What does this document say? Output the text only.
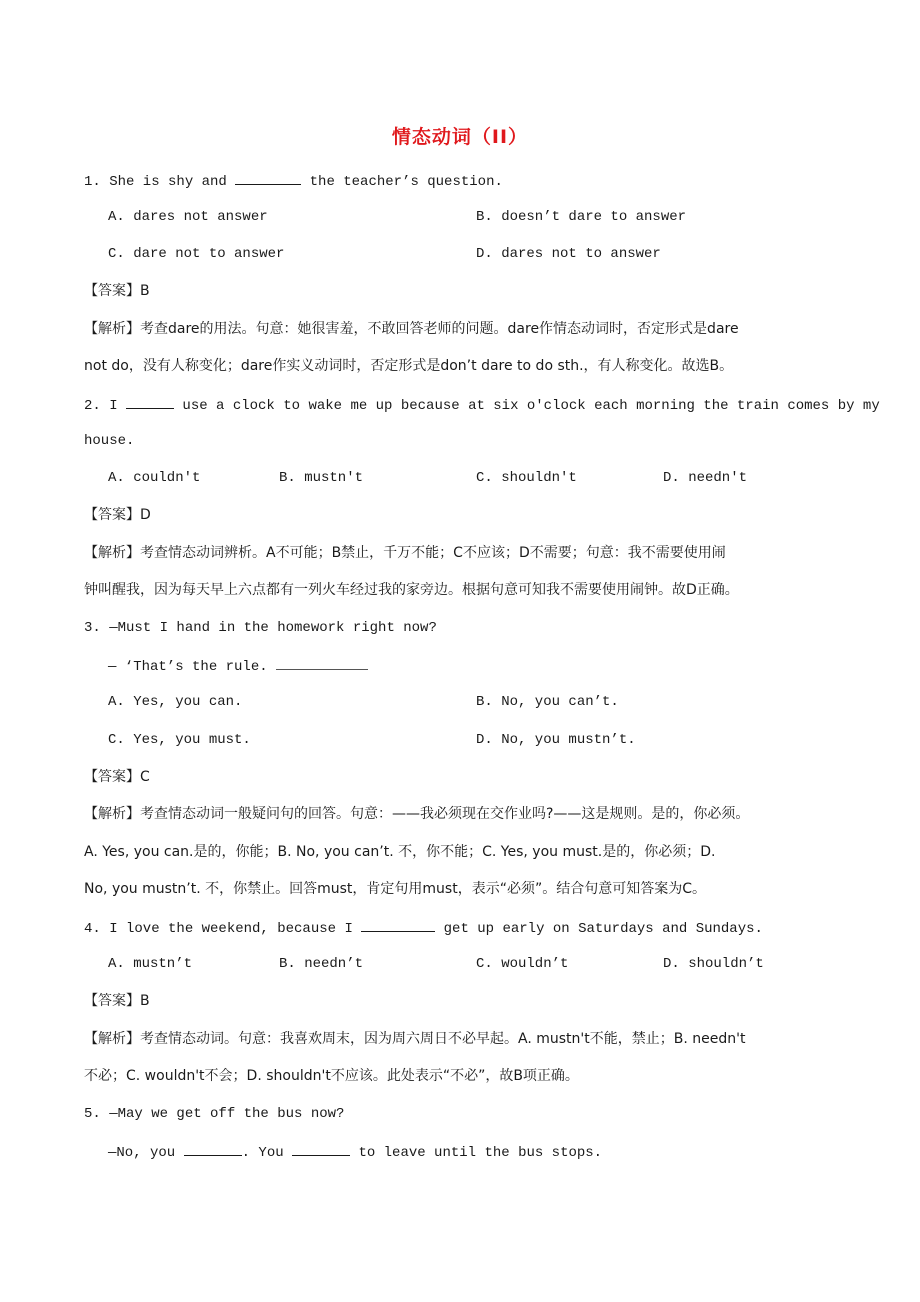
情态动词（II）
1. She is shy and	the teacher’s question.
A. dares not answer	B. doesn’t dare to answer
C. dare not to answer	D. dares not to answer
【答案】B
【解析】考查dare的用法。句意：她很害羞，不敢回答老师的问题。dare作情态动词时，否定形式是dare
not do，没有人称变化；dare作实义动词时，否定形式是don’t dare to do sth.，有人称变化。故选B。
2. I	use a clock to wake me up because at six o'clock each morning the train comes by my
house.
A. couldn't	B. mustn't	C. shouldn't	D. needn't
【答案】D
【解析】考查情态动词辨析。A不可能；B禁止，千万不能；C不应该；D不需要；句意：我不需要使用闹
钟叫醒我，因为每天早上六点都有一列火车经过我的家旁边。根据句意可知我不需要使用闹钟。故D正确。
3. —Must I hand in the homework right now?
— ‘That’s the rule.
A. Yes, you can.	B. No, you can’t.
C. Yes, you must.	D. No, you mustn’t.
【答案】C
【解析】考查情态动词一般疑问句的回答。句意：——我必须现在交作业吗?——这是规则。是的，你必须。
A. Yes, you can.是的，你能；B. No, you can’t. 不，你不能；C. Yes, you must.是的，你必须；D.
No, you mustn’t. 不，你禁止。回答must，肯定句用must，表示“必须”。结合句意可知答案为C。
4. I love the weekend, because I	get up early on Saturdays and Sundays.
A. mustn’t	B. needn’t	C. wouldn’t	D. shouldn’t
【答案】B
【解析】考查情态动词。句意：我喜欢周末，因为周六周日不必早起。A. mustn't不能，禁止；B. needn't
不必；C. wouldn't不会；D. shouldn't不应该。此处表示“不必”，故B项正确。
5. —May we get off the bus now?
—No, you	. You	to leave until the bus stops.
